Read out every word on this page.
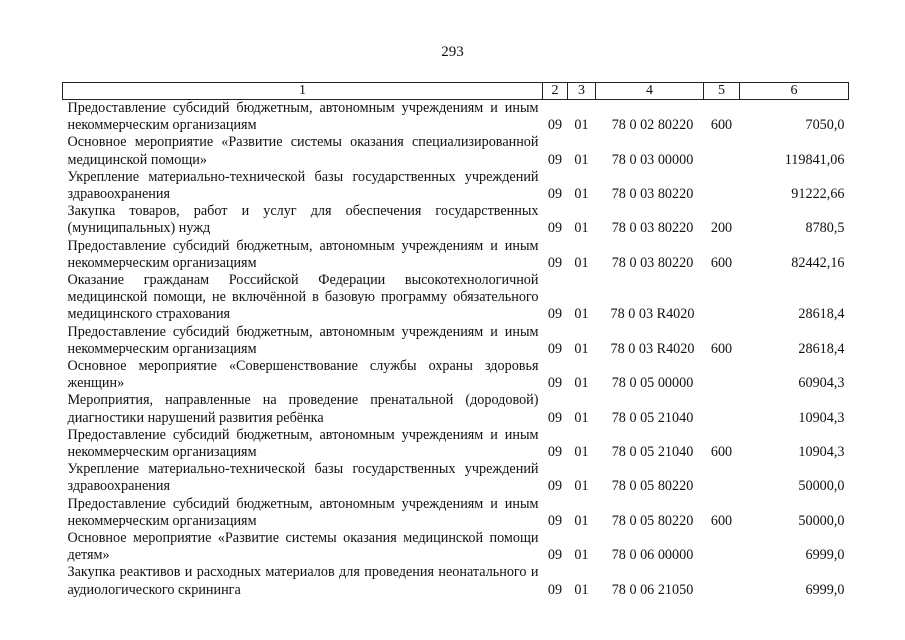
293
1	2	3	4	5	6
Предоставление субсидий бюджетным, автономным учреждениям и иным некоммерческим организациям	09	01	78 0 02 80220	600	7050,0
Основное мероприятие «Развитие системы оказания специализированной медицинской помощи»	09	01	78 0 03 00000		119841,06
Укрепление материально-технической базы государственных учреждений здравоохранения	09	01	78 0 03 80220		91222,66
Закупка товаров, работ и услуг для обеспечения государственных (муниципальных) нужд	09	01	78 0 03 80220	200	8780,5
Предоставление субсидий бюджетным, автономным учреждениям и иным некоммерческим организациям	09	01	78 0 03 80220	600	82442,16
Оказание гражданам Российской Федерации высокотехнологичной медицинской помощи, не включённой в базовую программу обязательного медицинского страхования	09	01	78 0 03 R4020		28618,4
Предоставление субсидий бюджетным, автономным учреждениям и иным некоммерческим организациям	09	01	78 0 03 R4020	600	28618,4
Основное мероприятие «Совершенствование службы охраны здоровья женщин»	09	01	78 0 05 00000		60904,3
Мероприятия, направленные на проведение пренатальной (дородовой) диагностики нарушений развития ребёнка	09	01	78 0 05 21040		10904,3
Предоставление субсидий бюджетным, автономным учреждениям и иным некоммерческим организациям	09	01	78 0 05 21040	600	10904,3
Укрепление материально-технической базы государственных учреждений здравоохранения	09	01	78 0 05 80220		50000,0
Предоставление субсидий бюджетным, автономным учреждениям и иным некоммерческим организациям	09	01	78 0 05 80220	600	50000,0
Основное мероприятие «Развитие системы оказания медицинской помощи детям»	09	01	78 0 06 00000		6999,0
Закупка реактивов и расходных материалов для проведения неонатального и аудиологического скрининга	09	01	78 0 06 21050		6999,0
